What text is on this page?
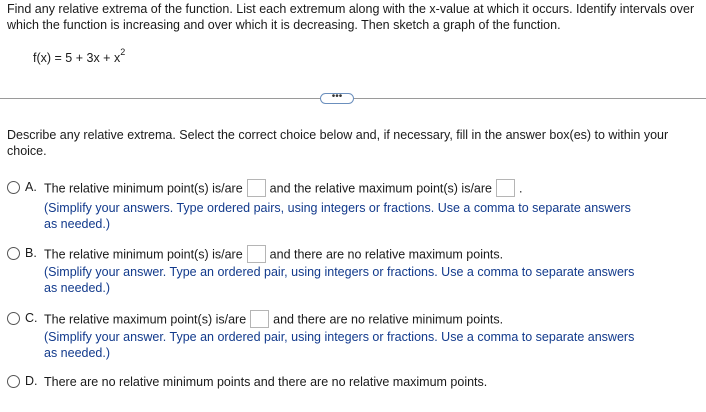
Find any relative extrema of the function. List each extremum along with the x-value at which it occurs. Identify intervals over which the function is increasing and over which it is decreasing. Then sketch a graph of the function.

$f(x) = 5 + 3x + x^2$
•••

Describe any relative extrema. Select the correct choice below and, if necessary, fill in the answer box(es) to within your choice.

A. The relative minimum point(s) is/are and the relative maximum point(s) is/are .
(Simplify your answers. Type ordered pairs, using integers or fractions. Use a comma to separate answers
as needed.)
B. The relative minimum point(s) is/are and there are no relative maximum points.
(Simplify your answer. Type an ordered pair, using integers or fractions. Use a comma to separate answers
as needed.)
C. The relative maximum point(s) is/are and there are no relative minimum points.
(Simplify your answer. Type an ordered pair, using integers or fractions. Use a comma to separate answers
as needed.)
D. There are no relative minimum points and there are no relative maximum points.
